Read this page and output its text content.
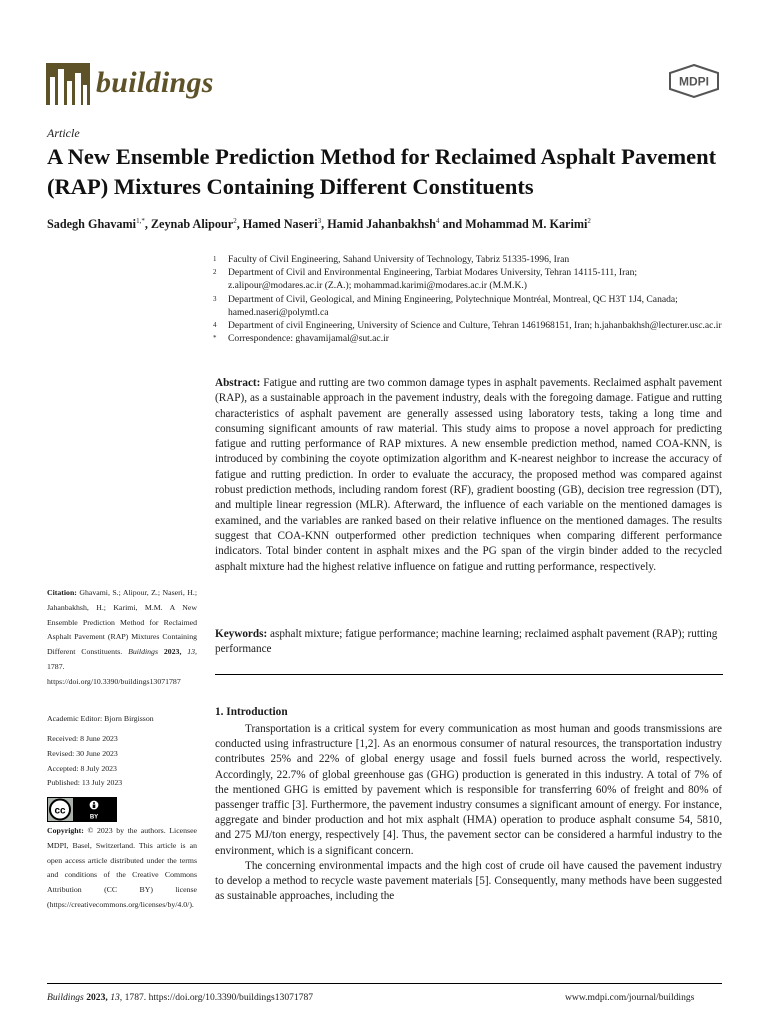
buildings	MDPI
Article
A New Ensemble Prediction Method for Reclaimed Asphalt Pavement (RAP) Mixtures Containing Different Constituents
Sadegh Ghavami$^{1,*}$, Zeynab Alipour$^2$, Hamed Naseri$^3$, Hamid Jahanbakhsh$^4$ and Mohammad M. Karimi$^2$
1 Faculty of Civil Engineering, Sahand University of Technology, Tabriz 51335-1996, Iran
2 Department of Civil and Environmental Engineering, Tarbiat Modares University, Tehran 14115-111, Iran; z.alipour@modares.ac.ir (Z.A.); mohammad.karimi@modares.ac.ir (M.M.K.)
3 Department of Civil, Geological, and Mining Engineering, Polytechnique Montréal, Montreal, QC H3T 1J4, Canada; hamed.naseri@polymtl.ca
4 Department of civil Engineering, University of Science and Culture, Tehran 1461968151, Iran; h.jahanbakhsh@lecturer.usc.ac.ir
* Correspondence: ghavamijamal@sut.ac.ir
Abstract: Fatigue and rutting are two common damage types in asphalt pavements. Reclaimed asphalt pavement (RAP), as a sustainable approach in the pavement industry, deals with the foregoing damage. Fatigue and rutting characteristics of asphalt pavement are generally assessed using laboratory tests, taking a long time and consuming significant amounts of raw material. This study aims to propose a novel approach for predicting fatigue and rutting performance of RAP mixtures. A new ensemble prediction method, named COA-KNN, is introduced by combining the coyote optimization algorithm and K-nearest neighbor to increase the accuracy of fatigue and rutting prediction. In order to evaluate the accuracy, the proposed method was compared against robust prediction methods, including random forest (RF), gradient boosting (GB), decision tree regression (DT), and multiple linear regression (MLR). Afterward, the influence of each variable on the mentioned damages is examined, and the variables are ranked based on their relative influence on the mentioned damages. The results suggest that COA-KNN outperformed other prediction techniques when comparing different performance indicators. Total binder content in asphalt mixes and the PG span of the virgin binder added to the recycled asphalt mixture had the highest relative influence on fatigue and rutting performance, respectively.
Keywords: asphalt mixture; fatigue performance; machine learning; reclaimed asphalt pavement (RAP); rutting performance
1. Introduction

Transportation is a critical system for every communication as most human and goods transmissions are conducted using infrastructure [1,2]. As an enormous consumer of natural resources, the transportation industry contributes 25% and 22% of global energy usage and fossil fuels burned across the world, respectively. Accordingly, 22.7% of global greenhouse gas (GHG) production is generated in this industry. A total of 7% of the mentioned GHG is emitted by pavement which is responsible for transferring 60% of freight and 80% of passenger traffic [3]. Furthermore, the pavement industry consumes a significant amount of energy. For instance, aggregate and binder production and hot mix asphalt (HMA) operation to produce asphalt consume 54, 5810, and 275 MJ/ton energy, respectively [4]. Thus, the pavement sector can be considered a harmful industry to the environment, which is a significant concern.

The concerning environmental impacts and the high cost of crude oil have caused the pavement industry to develop a method to recycle waste pavement materials [5]. Consequently, many methods have been suggested as sustainable approaches, including the

Citation: Ghavami, S.; Alipour, Z.; Naseri, H.; Jahanbakhsh, H.; Karimi, M.M. A New Ensemble Prediction Method for Reclaimed Asphalt Pavement (RAP) Mixtures Containing Different Constituents. Buildings 2023, 13, 1787. https://doi.org/10.3390/buildings13071787
Academic Editor: Bjorn Birgisson
Received: 8 June 2023
Revised: 30 June 2023
Accepted: 8 July 2023
Published: 13 July 2023
cc
BY
Copyright: © 2023 by the authors. Licensee MDPI, Basel, Switzerland. This article is an open access article distributed under the terms and conditions of the Creative Commons Attribution (CC BY) license (https://creativecommons.org/licenses/by/4.0/).
Buildings 2023, 13, 1787. https://doi.org/10.3390/buildings13071787	www.mdpi.com/journal/buildings
